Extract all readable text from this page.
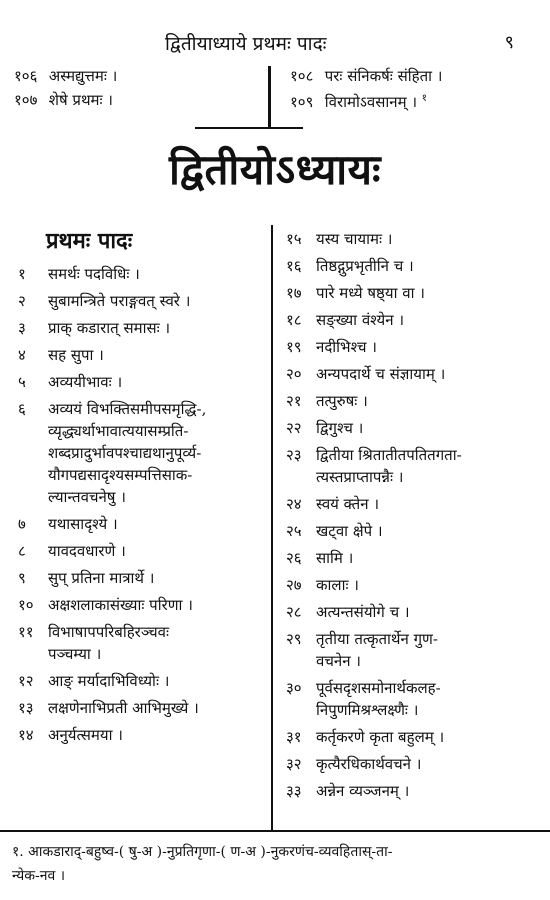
द्वितीयाध्याये प्रथमः पादः	९
१०६ अस्मद्युत्तमः ।
१०७ शेषे प्रथमः ।
१०८ परः संनिकर्षः संहिता ।
१०९ विरामोऽवसानम् । $^१$
द्वितीयोऽध्यायः
प्रथमः पादः
१	समर्थः पदविधिः ।
२	सुबामन्त्रिते पराङ्गवत् स्वरे ।
३	प्राक् कडारात् समासः ।
४	सह सुपा ।
५	अव्ययीभावः ।
६	अव्ययं विभक्तिसमीपसमृद्धि-,
व्यृद्ध्यर्थाभावात्ययासम्प्रति-
शब्दप्रादुर्भावपश्चाद्यथानुपूर्व्य-
यौगपद्यसादृश्यसम्पत्तिसाक-
ल्यान्तवचनेषु ।
७	यथासादृश्ये ।
८	यावदवधारणे ।
९	सुप् प्रतिना मात्रार्थे ।
१० अक्षशलाकासंख्याः परिणा ।
११ विभाषापपरिबहिरञ्चवः
पञ्चम्या ।
१२ आङ् मर्यादाभिविध्योः ।
१३ लक्षणेनाभिप्रती आभिमुख्ये ।
१४ अनुर्यत्समया ।
१५ यस्य चायामः ।
१६ तिष्ठद्गुप्रभृतीनि च ।
१७ पारे मध्ये षष्ठ्या वा ।
१८ सङ्ख्या वंश्येन ।
१९ नदीभिश्च ।
२० अन्यपदार्थे च संज्ञायाम् ।
२१ तत्पुरुषः ।
२२ द्विगुश्च ।
२३ द्वितीया श्रितातीतपतितगता-
त्यस्तप्राप्तापन्नैः ।
२४ स्वयं क्तेन ।
२५ खट्वा क्षेपे ।
२६ सामि ।
२७ कालाः ।
२८ अत्यन्तसंयोगे च ।
२९ तृतीया तत्कृतार्थेन गुण-
वचनेन ।
३० पूर्वसदृशसमोनार्थकलह-
निपुणमिश्रश्लक्ष्णैः ।
३१ कर्तृकरणे कृता बहुलम् ।
३२ कृत्यैरधिकार्थवचने ।
३३ अन्नेन व्यञ्जनम् ।
१. आकडाराद्-बहुष्व-( षु-अ )-नुप्रतिगृणा-( ण-अ )-नुकरणंच-व्यवहितास्-ता-
न्येक-नव ।
